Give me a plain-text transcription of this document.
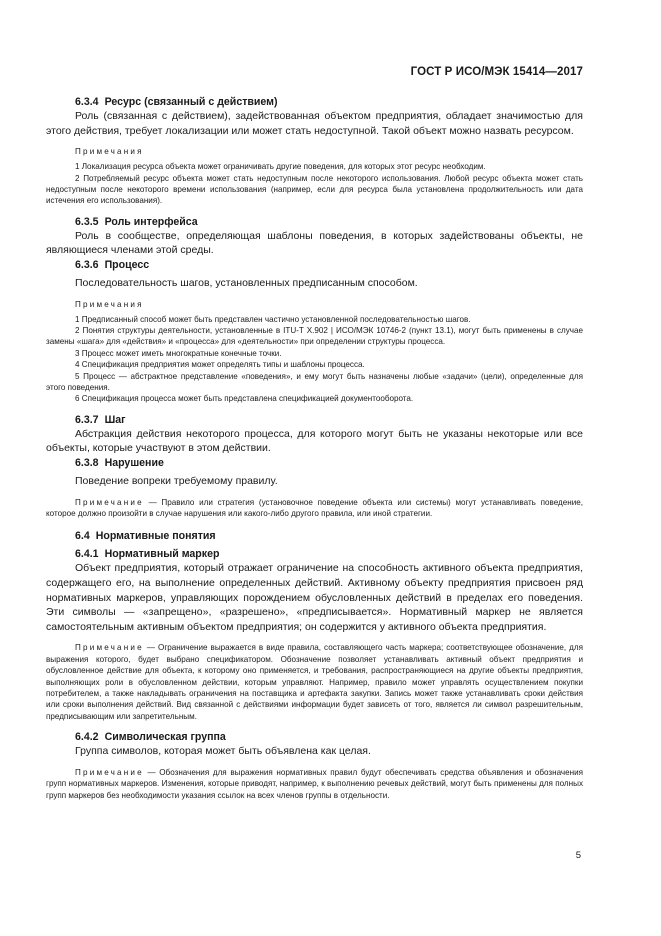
ГОСТ Р ИСО/МЭК 15414—2017

6.3.4 Ресурс (связанный с действием)

Роль (связанная с действием), задействованная объектом предприятия, обладает значимостью для этого действия, требует локализации или может стать недоступной. Такой объект можно назвать ресурсом.

Примечания

1 Локализация ресурса объекта может ограничивать другие поведения, для которых этот ресурс необходим.

2 Потребляемый ресурс объекта может стать недоступным после некоторого использования. Любой ресурс объекта может стать недоступным после некоторого времени использования (например, если для ресурса была установлена продолжительность или дата истечения его использования).

6.3.5 Роль интерфейса

Роль в сообществе, определяющая шаблоны поведения, в которых задействованы объекты, не являющиеся членами этой среды.

6.3.6 Процесс

Последовательность шагов, установленных предписанным способом.

Примечания

1 Предписанный способ может быть представлен частично установленной последовательностью шагов.

2 Понятия структуры деятельности, установленные в ITU-T X.902 | ИСО/МЭК 10746-2 (пункт 13.1), могут быть применены в случае замены «шага» для «действия» и «процесса» для «деятельности» при определении структуры процесса.

3 Процесс может иметь многократные конечные точки.

4 Спецификация предприятия может определять типы и шаблоны процесса.

5 Процесс — абстрактное представление «поведения», и ему могут быть назначены любые «задачи» (цели), определенные для этого поведения.

6 Спецификация процесса может быть представлена спецификацией документооборота.

6.3.7 Шаг

Абстракция действия некоторого процесса, для которого могут быть не указаны некоторые или все объекты, которые участвуют в этом действии.

6.3.8 Нарушение

Поведение вопреки требуемому правилу.

Примечание — Правило или стратегия (установочное поведение объекта или системы) могут устанавливать поведение, которое должно произойти в случае нарушения или какого-либо другого правила, или иной стратегии.

6.4 Нормативные понятия

6.4.1 Нормативный маркер

Объект предприятия, который отражает ограничение на способность активного объекта предприятия, содержащего его, на выполнение определенных действий. Активному объекту предприятия присвоен ряд нормативных маркеров, управляющих порождением обусловленных действий в пределах его поведения. Эти символы — «запрещено», «разрешено», «предписывается». Нормативный маркер не является самостоятельным активным объектом предприятия; он содержится у активного объекта предприятия.

Примечание — Ограничение выражается в виде правила, составляющего часть маркера; соответствующее обозначение, для выражения которого, будет выбрано спецификатором. Обозначение позволяет устанавливать активный объект предприятия и обусловленное действие для объекта, к которому оно применяется, и требования, распространяющиеся на другие объекты предприятия, выполняющих роли в обусловленном действии, которым управляют. Например, правило может управлять осуществлением покупки потребителем, а также накладывать ограничения на поставщика и артефакта закупки. Запись может также устанавливать сроки действия или сроки выполнения действий. Вид связанной с действиями информации будет зависеть от того, является ли символ разрешительным, предписывающим или запретительным.

6.4.2 Символическая группа

Группа символов, которая может быть объявлена как целая.

Примечание — Обозначения для выражения нормативных правил будут обеспечивать средства объявления и обозначения групп нормативных маркеров. Изменения, которые приводят, например, к выполнению речевых действий, могут быть применены для полных групп маркеров без необходимости указания ссылок на всех членов группы в отдельности.

5
